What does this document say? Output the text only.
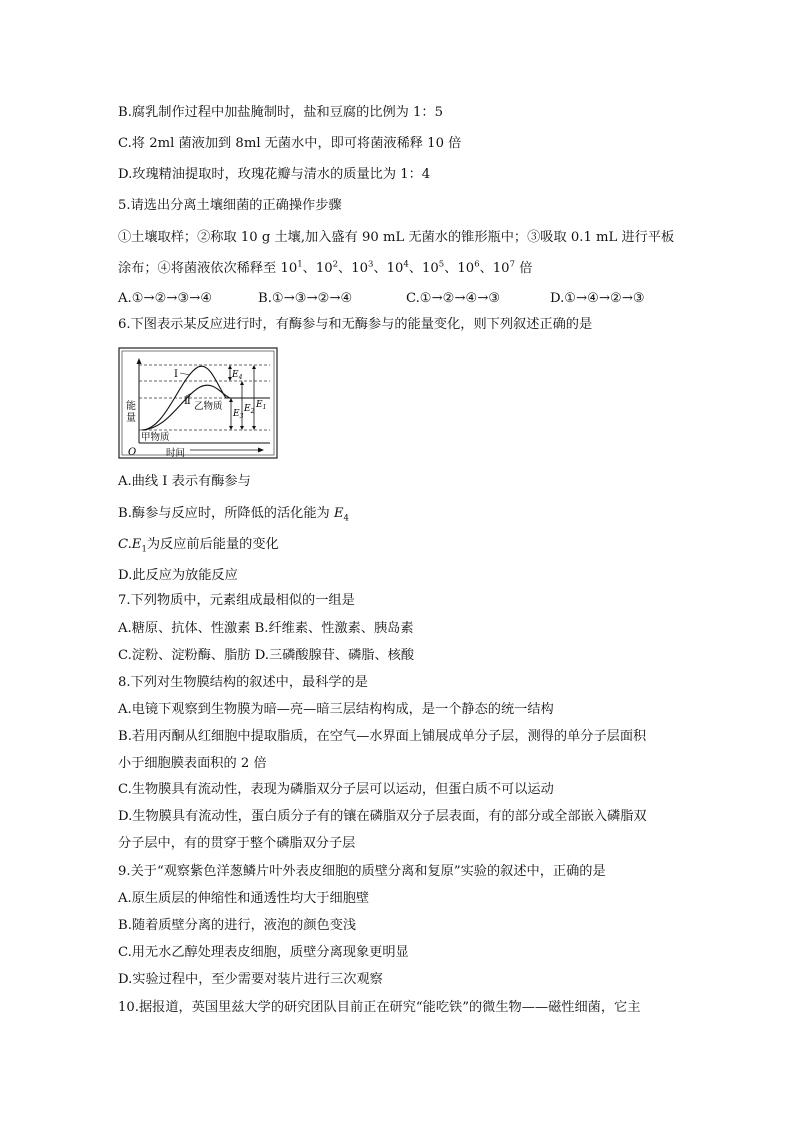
B.腐乳制作过程中加盐腌制时，盐和豆腐的比例为 1：5
C.将 2ml 菌液加到 8ml 无菌水中，即可将菌液稀释 10 倍
D.玫瑰精油提取时，玫瑰花瓣与清水的质量比为 1：4
5.请选出分离土壤细菌的正确操作步骤
①土壤取样；②称取 10 g 土壤,加入盛有 90 mL 无菌水的锥形瓶中；③吸取 0.1 mL 进行平板
涂布；④将菌液依次稀释至 $10^1$、$10^2$、$10^3$、$10^4$、$10^5$、$10^6$、$10^7$ 倍
A.①→②→③→④	B.①→③→②→④	C.①→②→④→③	D.①→④→②→③
6.下图表示某反应进行时，有酶参与和无酶参与的能量变化，则下列叙述正确的是
能
量
O	时间
Ⅰ
Ⅱ 乙物质
甲物质
$E_4$
$E_3$
$E_2$
$E_1$
A.曲线 I 表示有酶参与
B.酶参与反应时，所降低的活化能为 $E_4$
$C.E_1$为反应前后能量的变化
D.此反应为放能反应
7.下列物质中，元素组成最相似的一组是
A.糖原、抗体、性激素 B.纤维素、性激素、胰岛素
C.淀粉、淀粉酶、脂肪 D.三磷酸腺苷、磷脂、核酸
8.下列对生物膜结构的叙述中，最科学的是
A.电镜下观察到生物膜为暗—亮—暗三层结构构成，是一个静态的统一结构
B.若用丙酮从红细胞中提取脂质，在空气—水界面上铺展成单分子层，测得的单分子层面积
小于细胞膜表面积的 2 倍
C.生物膜具有流动性，表现为磷脂双分子层可以运动，但蛋白质不可以运动
D.生物膜具有流动性，蛋白质分子有的镶在磷脂双分子层表面，有的部分或全部嵌入磷脂双
分子层中，有的贯穿于整个磷脂双分子层
9.关于“观察紫色洋葱鳞片叶外表皮细胞的质壁分离和复原”实验的叙述中，正确的是
A.原生质层的伸缩性和通透性均大于细胞壁
B.随着质壁分离的进行，液泡的颜色变浅
C.用无水乙醇处理表皮细胞，质壁分离现象更明显
D.实验过程中，至少需要对装片进行三次观察
10.据报道，英国里兹大学的研究团队目前正在研究“能吃铁”的微生物——磁性细菌，它主
